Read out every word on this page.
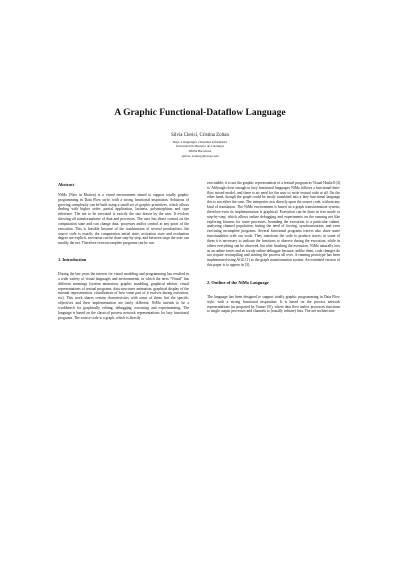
A Graphic Functional-Dataflow Language
Silvia Clerici, Cristina Zoltan
Dept. Llenguatges i Sistemes Informàtics
Universitat Politècnica de Catalunya
08034 Barcelona
{silvia, zoltan}@lsi.upc.edu
Abstract

NiMo (Nets in Motion) is a visual environment aimed to support totally graphic programming in Data Flow style, with a strong functional inspiration. Solutions of growing complexity can be built using a small set of graphic primitives, which allows dealing with higher order, partial application, laziness, polymorphism and type inference. The net to be executed is exactly the one drawn by the user. It evolves showing all transformations of data and processes. The user has direct control on the computation state and can change data, processes and/or control at any point of the execution. This is feasible because of the combination of several peculiarities: the source code is exactly the computation initial state, activation state and evaluation degree are explicit, execution can be done step-by-step, and between steps the user can modify the net. Therefore even incomplete programs can be run.

1. Introduction

During the last years the interest for visual modeling and programming has resulted in a wide variety of visual languages and environments, in which the term “Visual” has different meanings (system animation, graphic modeling, graphical edition, visual representations of textual programs, data structures animation, graphical display of the internal representation, visualization of how some part of it evolves during execution, etc). This work shares certain characteristics with some of them, but the specific objectives and their implementation are fairly different. NiMo intends to be a workbench for graphically editing, debugging, executing and experimenting. The language is based on the classical process network representations for lazy functional programs. The source code is a graph, which is directly

executable; it is not the graphic representation of a textual program as Visual Haskell [4] is. Although close enough to lazy functional languages NiMo follows a functional-data-flow mixed model, and there is no need for the user to write textual code at all. On the other hand, though the graph could be easily translated into a lazy functional language this is not either the case. The interpreter acts directly upon the source code, without any kind of translation. The NiMo environment is based on a graph transformation system; therefore even its implementation is graphical. Execution can be done in free mode or step-by-step, which allows online debugging and experiments on the running net like exploring fairness for some processes, bounding the execution to a particular subnet, analyzing channel population, testing the need of forcing, synchronization, and even executing incomplete programs. Several functional programs tracers also share some functionalities with our work. They transform the code to produce traces; in some of them it is necessary to indicate the functions to observe during the execution, while in others everything can be observed, but after finishing the execution. NiMo naturally acts as an online tracer and as a truly online debugger because, unlike them, code changes do not require recompiling and starting the process all over. A running prototype has been implemented using AGG [1] as the graph transformation system. An extended version of this paper is to appear in [3].

2. Outline of the NiMo Language

The language has been designed to support totally graphic programming in Data Flow style, with a strong functional inspiration. It is based on the process network representations (as proposed by Turner [5]), where data flow and/or processes functions to single output processes and channels to (usually infinite) lists. The net architecture
